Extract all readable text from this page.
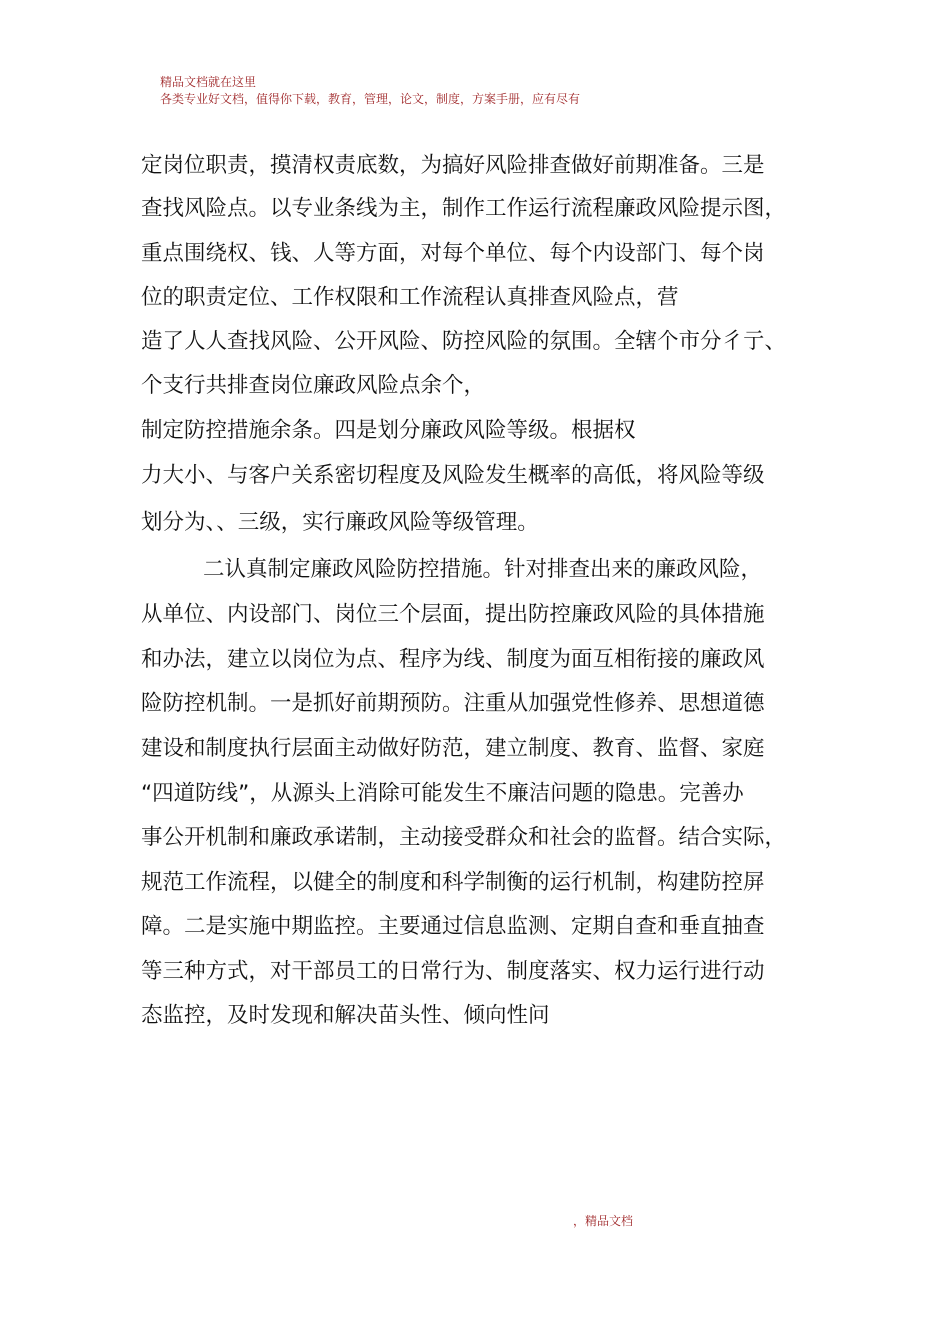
精品文档就在这里
各类专业好文档，值得你下载，教育，管理，论文，制度，方案手册，应有尽有
定岗位职责，摸清权责底数，为搞好风险排查做好前期准备。三是
查找风险点。以专业条线为主，制作工作运行流程廉政风险提示图，
重点围绕权、钱、人等方面，对每个单位、每个内设部门、每个岗
位的职责定位、工作权限和工作流程认真排查风险点，营
造了人人查找风险、公开风险、防控风险的氛围。全辖个市分彳亍、
个支行共排查岗位廉政风险点余个，
制定防控措施余条。四是划分廉政风险等级。根据权
力大小、与客户关系密切程度及风险发生概率的高低，将风险等级
划分为、、三级，实行廉政风险等级管理。
二认真制定廉政风险防控措施。针对排查出来的廉政风险，
从单位、内设部门、岗位三个层面，提出防控廉政风险的具体措施
和办法，建立以岗位为点、程序为线、制度为面互相衔接的廉政风
险防控机制。一是抓好前期预防。注重从加强党性修养、思想道德
建设和制度执行层面主动做好防范，建立制度、教育、监督、家庭
“四道防线”，从源头上消除可能发生不廉洁问题的隐患。完善办
事公开机制和廉政承诺制，主动接受群众和社会的监督。结合实际，
规范工作流程，以健全的制度和科学制衡的运行机制，构建防控屏
障。二是实施中期监控。主要通过信息监测、定期自查和垂直抽查
等三种方式，对干部员工的日常行为、制度落实、权力运行进行动
态监控，及时发现和解决苗头性、倾向性问
，精品文档
